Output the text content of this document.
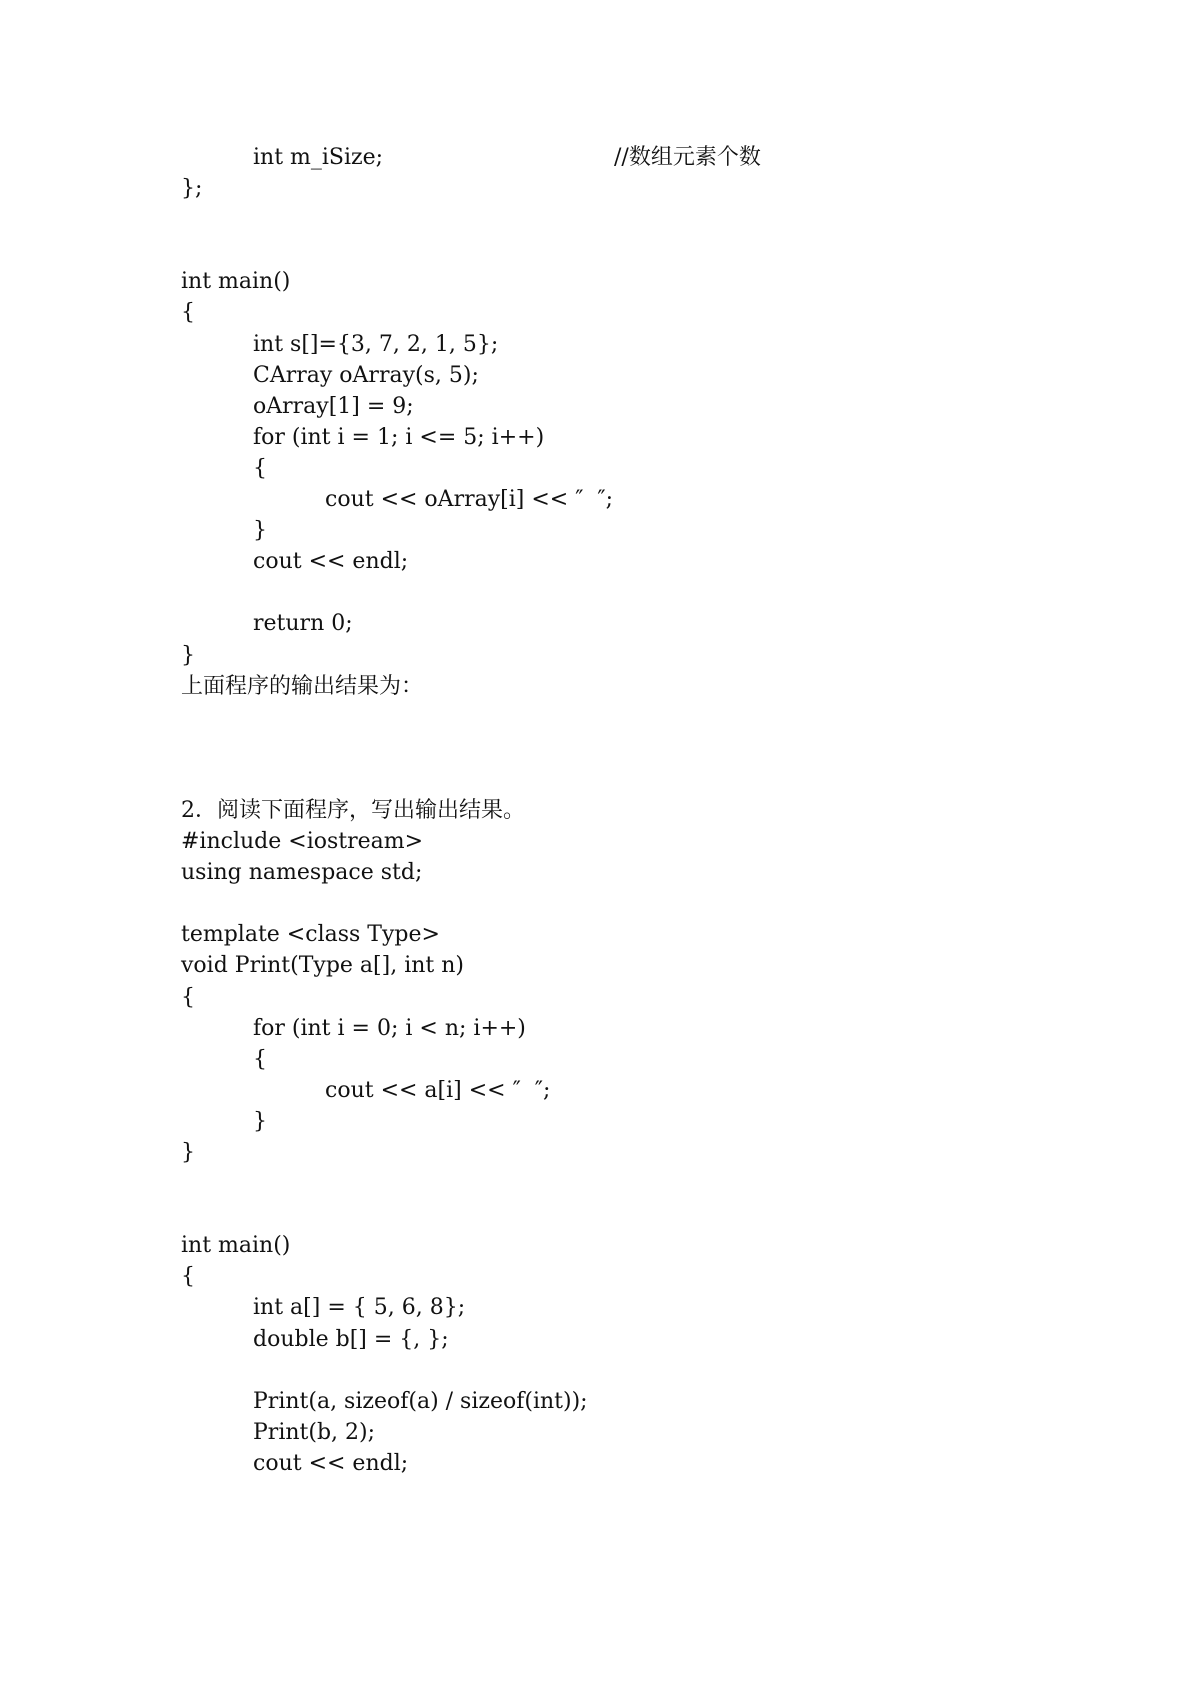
int m_iSize;	//数组元素个数
};
int main()
{
int s[]={3, 7, 2, 1, 5};
CArray oArray(s, 5);
oArray[1] = 9;
for (int i = 1; i <= 5; i++)
{
cout << oArray[i] << ″  ″;
}
cout << endl;
return 0;
}
上面程序的输出结果为：
2．阅读下面程序，写出输出结果。
#include <iostream>
using namespace std;
template <class Type>
void Print(Type a[], int n)
{
for (int i = 0; i < n; i++)
{
cout << a[i] << ″  ″;
}
}
int main()
{
int a[] = { 5, 6, 8};
double b[] = {, };
Print(a, sizeof(a) / sizeof(int));
Print(b, 2);
cout << endl;
